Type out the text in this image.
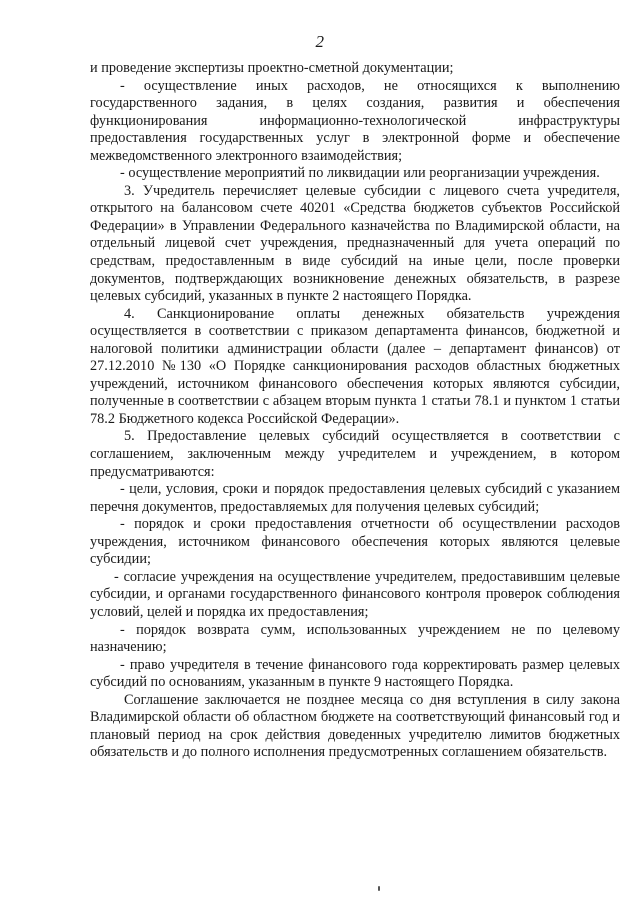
2

и проведение экспертизы проектно-сметной документации;

- осуществление иных расходов, не относящихся к выполнению государственного задания, в целях создания, развития и обеспечения функционирования информационно-технологической инфраструктуры предоставления государственных услуг в электронной форме и обеспечение межведомственного электронного взаимодействия;

- осуществление мероприятий по ликвидации или реорганизации учреждения.

3. Учредитель перечисляет целевые субсидии с лицевого счета учредителя, открытого на балансовом счете 40201 «Средства бюджетов субъектов Российской Федерации» в Управлении Федерального казначейства по Владимирской области, на отдельный лицевой счет учреждения, предназначенный для учета операций по средствам, предоставленным в виде субсидий на иные цели, после проверки документов, подтверждающих возникновение денежных обязательств, в разрезе целевых субсидий, указанных в пункте 2 настоящего Порядка.

4. Санкционирование оплаты денежных обязательств учреждения осуществляется в соответствии с приказом департамента финансов, бюджетной и налоговой политики администрации области (далее – департамент финансов) от 27.12.2010 №130 «О Порядке санкционирования расходов областных бюджетных учреждений, источником финансового обеспечения которых являются субсидии, полученные в соответствии с абзацем вторым пункта 1 статьи 78.1 и пунктом 1 статьи 78.2 Бюджетного кодекса Российской Федерации».

5. Предоставление целевых субсидий осуществляется в соответствии с соглашением, заключенным между учредителем и учреждением, в котором предусматриваются:

- цели, условия, сроки и порядок предоставления целевых субсидий с указанием перечня документов, предоставляемых для получения целевых субсидий;

- порядок и сроки предоставления отчетности об осуществлении расходов учреждения, источником финансового обеспечения которых являются целевые субсидии;

- согласие учреждения на осуществление учредителем, предоставившим целевые субсидии, и органами государственного финансового контроля проверок соблюдения условий, целей и порядка их предоставления;

- порядок возврата сумм, использованных учреждением не по целевому назначению;

- право учредителя в течение финансового года корректировать размер целевых субсидий по основаниям, указанным в пункте 9 настоящего Порядка.

Соглашение заключается не позднее месяца со дня вступления в силу закона Владимирской области об областном бюджете на соответствующий финансовый год и плановый период на срок действия доведенных учредителю лимитов бюджетных обязательств и до полного исполнения предусмотренных соглашением обязательств.
